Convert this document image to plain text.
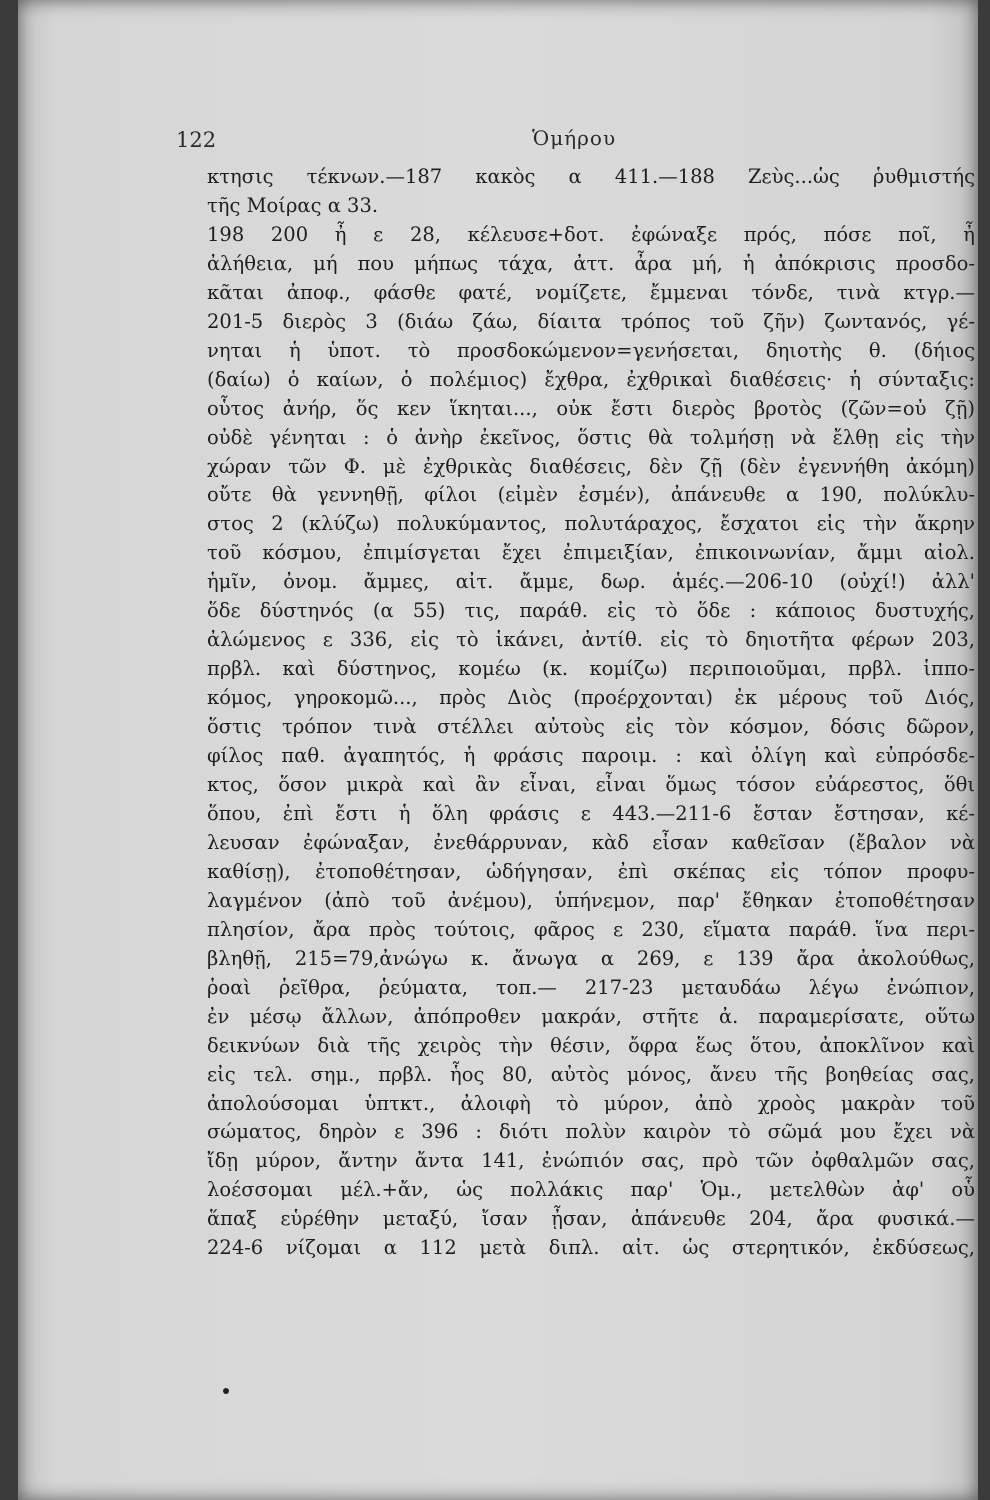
122	Ὁμήρου
κτησις τέκνων.—187 κακὸς α 411.—188 Ζεὺς...ὡς ῥυθμιστής
τῆς Μοίρας α 33.
198 200 ἦ ε 28, κέλευσε+δοτ. ἐφώναξε πρός, πόσε ποῖ, ἦ
ἀλήθεια, μή που μήπως τάχα, ἀττ. ἆρα μή, ἡ ἀπόκρισις προσδο-
κᾶται ἀποφ., φάσθε φατέ, νομίζετε, ἔμμεναι τόνδε, τινὰ κτγρ.—
201-5 διερὸς 3 (διάω ζάω, δίαιτα τρόπος τοῦ ζῆν) ζωντανός, γέ-
νηται ἡ ὑποτ. τὸ προσδοκώμενον=γενήσεται, δηιοτὴς θ. (δήιος
(δαίω) ὁ καίων, ὁ πολέμιος) ἔχθρα, ἐχθρικαὶ διαθέσεις· ἡ σύνταξις:
οὗτος ἀνήρ, ὅς κεν ἵκηται..., οὐκ ἔστι διερὸς βροτὸς (ζῶν=οὐ ζῇ)
οὐδὲ γένηται : ὁ ἀνὴρ ἐκεῖνος, ὅστις θὰ τολμήσῃ νὰ ἔλθῃ εἰς τὴν
χώραν τῶν Φ. μὲ ἐχθρικὰς διαθέσεις, δὲν ζῇ (δὲν ἐγεννήθη ἀκόμη)
οὔτε θὰ γεννηθῇ, φίλοι (εἰμὲν ἐσμέν), ἀπάνευθε α 190, πολύκλυ-
στος 2 (κλύζω) πολυκύμαντος, πολυτάραχος, ἔσχατοι εἰς τὴν ἄκρην
τοῦ κόσμου, ἐπιμίσγεται ἔχει ἐπιμειξίαν, ἐπικοινωνίαν, ἄμμι αἰολ.
ἡμῖν, ὀνομ. ἄμμες, αἰτ. ἄμμε, δωρ. ἁμές.—206-10 (οὐχί!) ἀλλ'
ὅδε δύστηνός (α 55) τις, παράθ. εἰς τὸ ὅδε : κάποιος δυστυχής,
ἀλώμενος ε 336, εἰς τὸ ἱκάνει, ἀντίθ. εἰς τὸ δηιοτῆτα φέρων 203,
πρβλ. καὶ δύστηνος, κομέω (κ. κομίζω) περιποιοῦμαι, πρβλ. ἱππο-
κόμος, γηροκομῶ..., πρὸς Διὸς (προέρχονται) ἐκ μέρους τοῦ Διός,
ὅστις τρόπον τινὰ στέλλει αὐτοὺς εἰς τὸν κόσμον, δόσις δῶρον,
φίλος παθ. ἀγαπητός, ἡ φράσις παροιμ. : καὶ ὀλίγη καὶ εὐπρόσδε-
κτος, ὅσον μικρὰ καὶ ἂν εἶναι, εἶναι ὅμως τόσον εὐάρεστος, ὅθι
ὅπου, ἐπὶ ἔστι ἡ ὅλη φράσις ε 443.—211-6 ἔσταν ἔστησαν, κέ-
λευσαν ἐφώναξαν, ἐνεθάρρυναν, κὰδ εἶσαν καθεῖσαν (ἔβαλον νὰ
καθίσῃ), ἐτοποθέτησαν, ὡδήγησαν, ἐπὶ σκέπας εἰς τόπον προφυ-
λαγμένον (ἀπὸ τοῦ ἀνέμου), ὑπήνεμον, παρ' ἔθηκαν ἐτοποθέτησαν
πλησίον, ἄρα πρὸς τούτοις, φᾶρος ε 230, εἵματα παράθ. ἵνα περι-
βληθῇ, 215=79,ἀνώγω κ. ἄνωγα α 269, ε 139 ἄρα ἀκολούθως,
ῥοαὶ ῥεῖθρα, ῥεύματα, τοπ.— 217-23 μεταυδάω λέγω ἐνώπιον,
ἐν μέσῳ ἄλλων, ἀπόπροθεν μακράν, στῆτε ἀ. παραμερίσατε, οὕτω
δεικνύων διὰ τῆς χειρὸς τὴν θέσιν, ὄφρα ἕως ὅτου, ἀποκλῖνον καὶ
εἰς τελ. σημ., πρβλ. ἧος 80, αὐτὸς μόνος, ἄνευ τῆς βοηθείας σας,
ἀπολούσομαι ὑπτκτ., ἀλοιφὴ τὸ μύρον, ἀπὸ χροὸς μακρὰν τοῦ
σώματος, δηρὸν ε 396 : διότι πολὺν καιρὸν τὸ σῶμά μου ἔχει νὰ
ἴδῃ μύρον, ἄντην ἄντα 141, ἐνώπιόν σας, πρὸ τῶν ὀφθαλμῶν σας,
λοέσσομαι μέλ.+ἄν, ὡς πολλάκις παρ' Ὁμ., μετελθὼν ἀφ' οὗ
ἅπαξ εὑρέθην μεταξύ, ἴσαν ᾖσαν, ἀπάνευθε 204, ἄρα φυσικά.—
224-6 νίζομαι α 112 μετὰ διπλ. αἰτ. ὡς στερητικόν, ἐκδύσεως,
